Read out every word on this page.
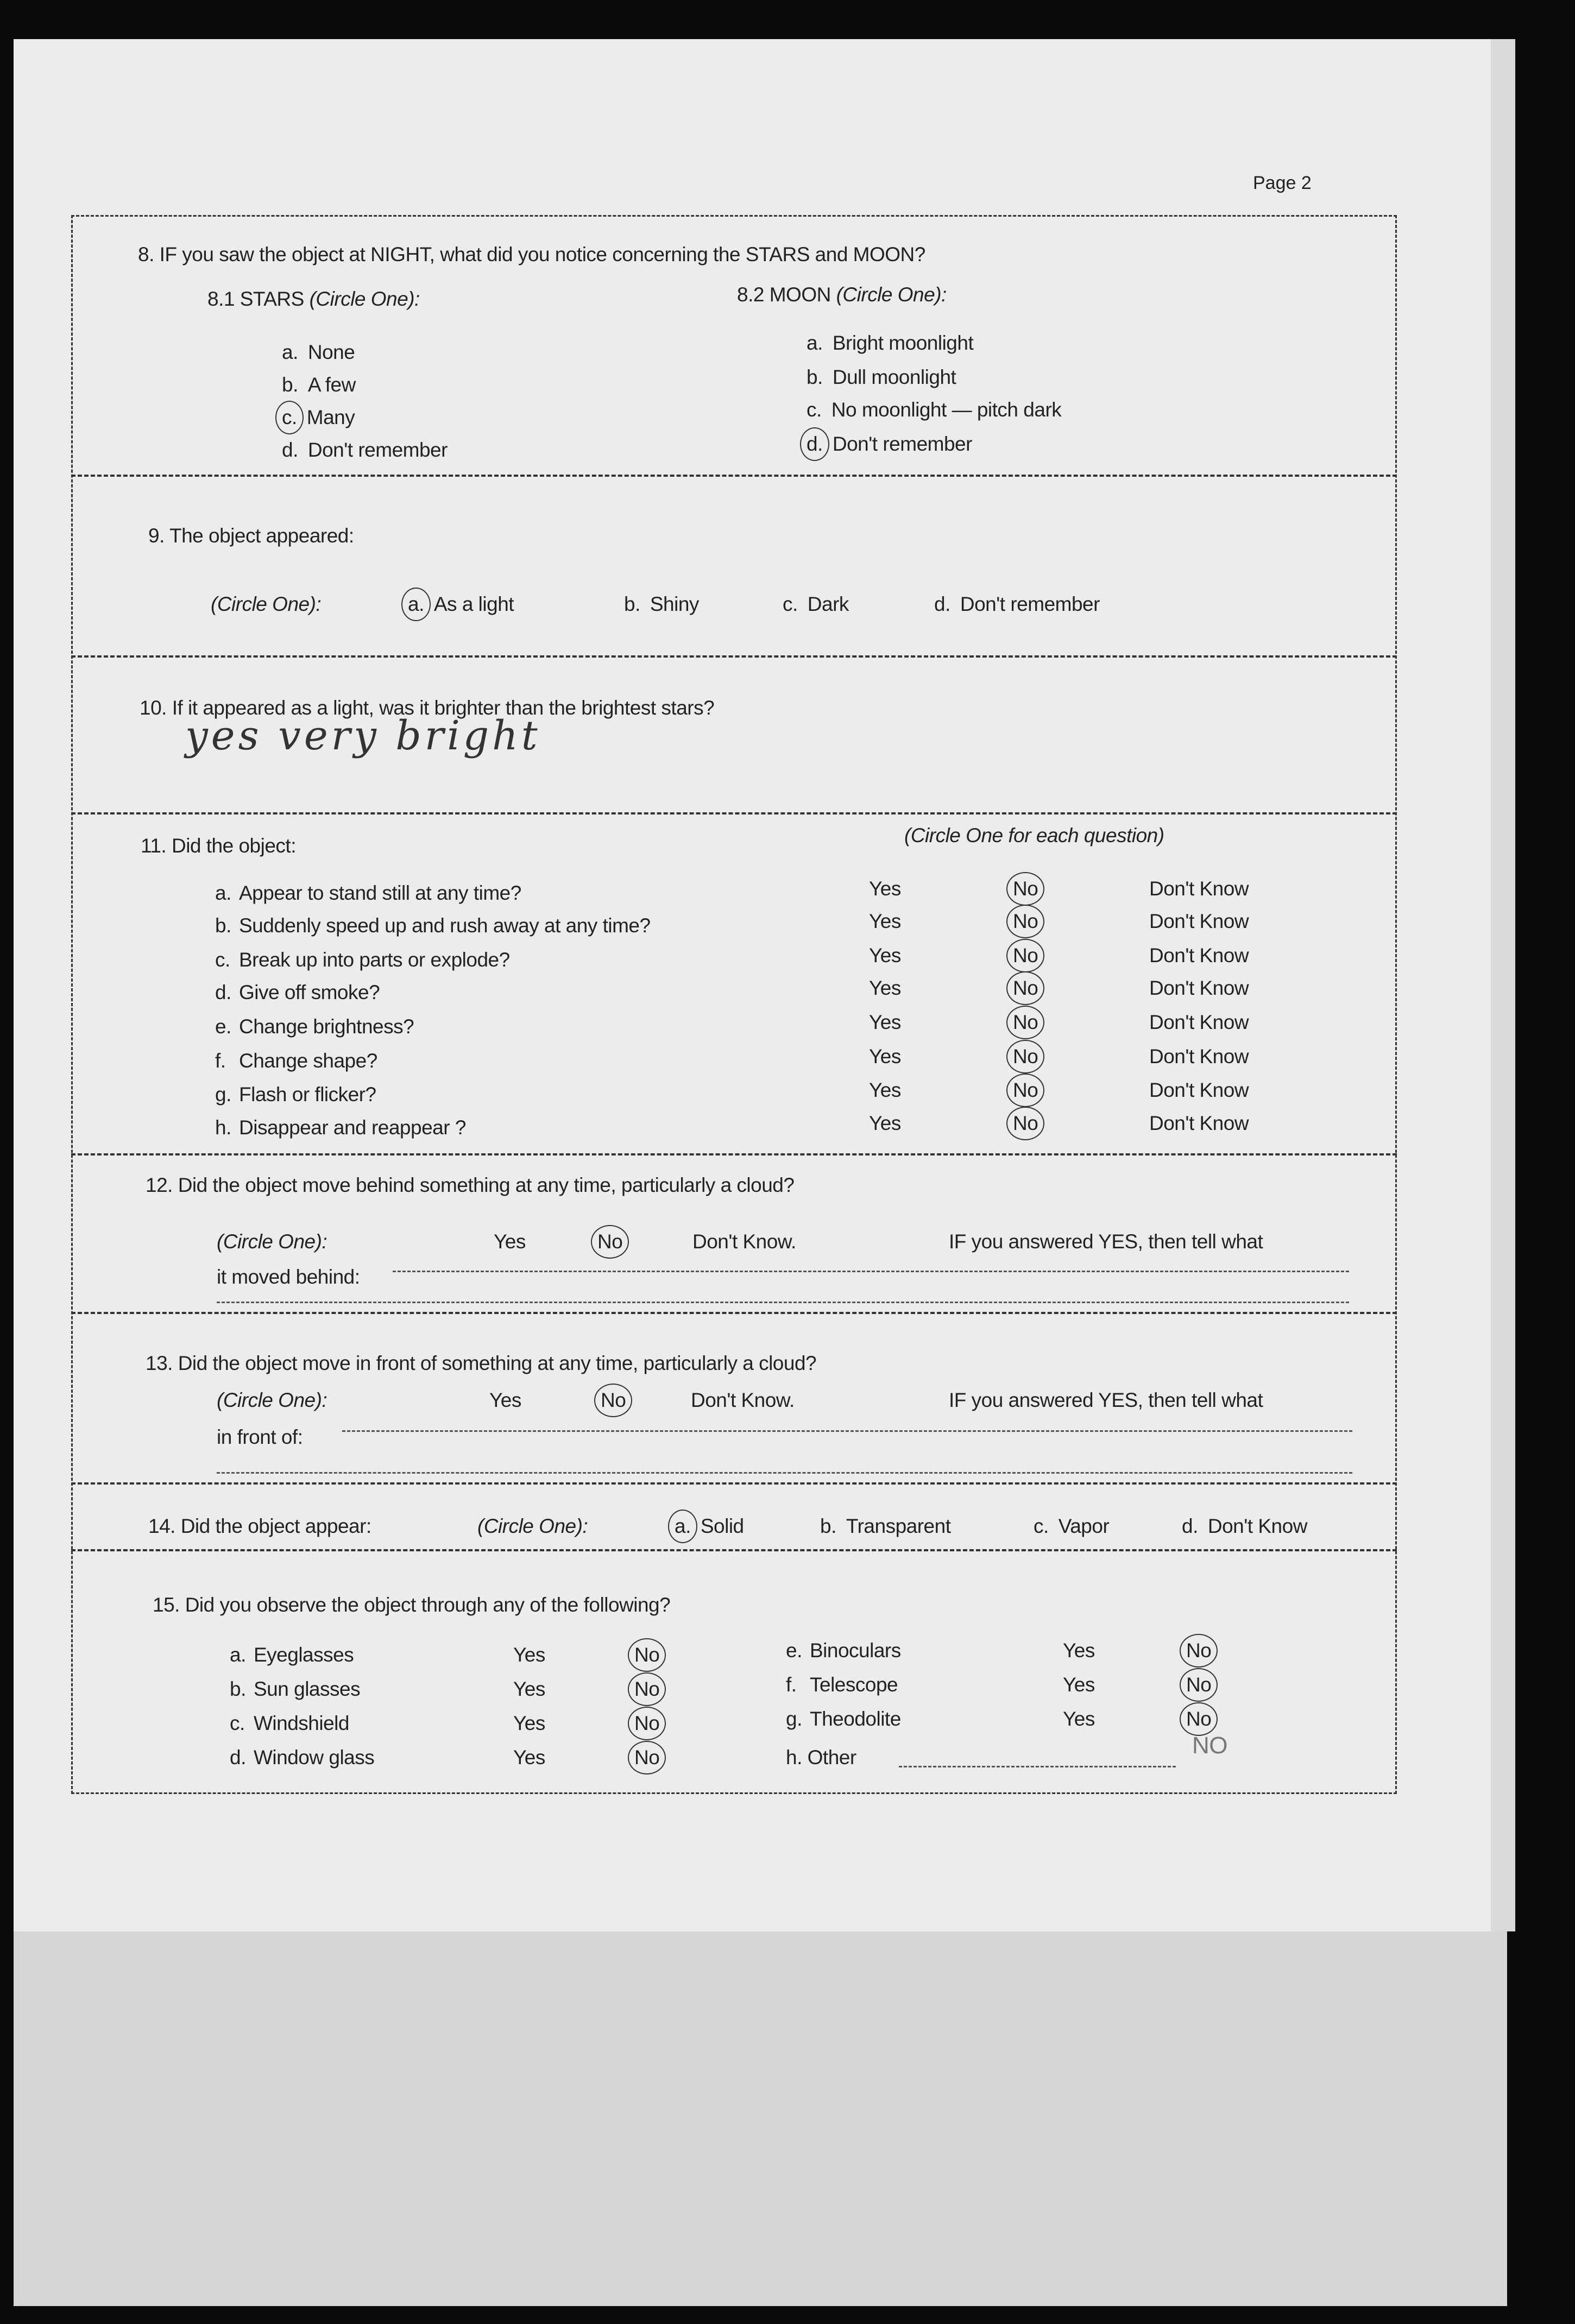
Page 2
8. IF you saw the object at NIGHT, what did you notice concerning the STARS and MOON?
8.1 STARS (Circle One):	8.2 MOON (Circle One):
a. None
b. A few
c. Many
d. Don't remember
a. Bright moonlight
b. Dull moonlight
c. No moonlight — pitch dark
d. Don't remember
9. The object appeared:
(Circle One):	a. As a light	b. Shiny	c. Dark	d. Don't remember
10. If it appeared as a light, was it brighter than the brightest stars?
yes very bright
11. Did the object:	(Circle One for each question)
a. Appear to stand still at any time?	Yes	No	Don't Know
b. Suddenly speed up and rush away at any time?	Yes	No	Don't Know
c. Break up into parts or explode?	Yes	No	Don't Know
d. Give off smoke?	Yes	No	Don't Know
e. Change brightness?	Yes	No	Don't Know
f. Change shape?	Yes	No	Don't Know
g. Flash or flicker?	Yes	No	Don't Know
h. Disappear and reappear ?	Yes	No	Don't Know
12. Did the object move behind something at any time, particularly a cloud?
(Circle One):	Yes	No	Don't Know.	IF you answered YES, then tell what
it moved behind:
13. Did the object move in front of something at any time, particularly a cloud?
(Circle One):	Yes	No	Don't Know.	IF you answered YES, then tell what
in front of:
14. Did the object appear:	(Circle One):	a. Solid	b. Transparent	c. Vapor	d. Don't Know
15. Did you observe the object through any of the following?
a. Eyeglasses	Yes	No
b. Sun glasses	Yes	No
c. Windshield	Yes	No
d. Window glass	Yes	No
e. Binoculars	Yes	No
f. Telescope	Yes	No
g. Theodolite	Yes	No
h. Other	NO
